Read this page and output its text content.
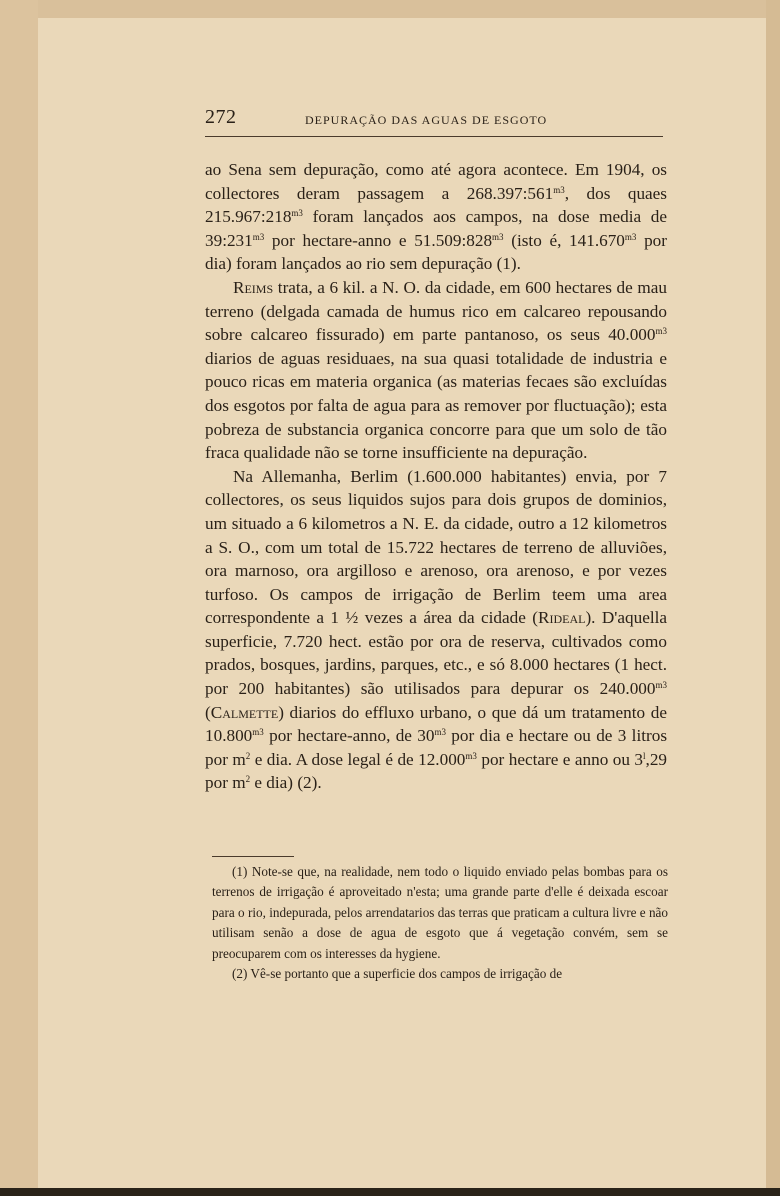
272	DEPURAÇÃO DAS AGUAS DE ESGOTO

ao Sena sem depuração, como até agora acontece. Em 1904, os collectores deram passagem a $268.397:561^{m3}$, dos quaes $215.967:218^{m3}$ foram lançados aos campos, na dose media de $39:231^{m3}$ por hectare-anno e $51.509:828^{m3}$ (isto é, $141.670^{m3}$ por dia) foram lançados ao rio sem depuração (1).

Reims trata, a 6 kil. a N. O. da cidade, em 600 hectares de mau terreno (delgada camada de humus rico em calcareo repousando sobre calcareo fissurado) em parte pantanoso, os seus $40.000^{m3}$ diarios de aguas residuaes, na sua quasi totalidade de industria e pouco ricas em materia organica (as materias fecaes são excluídas dos esgotos por falta de agua para as remover por fluctuação); esta pobreza de substancia organica concorre para que um solo de tão fraca qualidade não se torne insufficiente na depuração.

Na Allemanha, Berlim (1.600.000 habitantes) envia, por 7 collectores, os seus liquidos sujos para dois grupos de dominios, um situado a 6 kilometros a N. E. da cidade, outro a 12 kilometros a S. O., com um total de 15.722 hectares de terreno de alluviões, ora marnoso, ora argilloso e arenoso, ora arenoso, e por vezes turfoso. Os campos de irrigação de Berlim teem uma area correspondente a 1 ½ vezes a área da cidade (Rideal). D'aquella superficie, 7.720 hect. estão por ora de reserva, cultivados como prados, bosques, jardins, parques, etc., e só 8.000 hectares (1 hect. por 200 habitantes) são utilisados para depurar os $240.000^{m3}$ (Calmette) diarios do effluxo urbano, o que dá um tratamento de $10.800^{m3}$ por hectare-anno, de $30^{m3}$ por dia e hectare ou de 3 litros por $m^2$ e dia. A dose legal é de $12.000^{m3}$ por hectare e anno ou 3$^l$,29 por $m^2$ e dia) (2).

(1) Note-se que, na realidade, nem todo o liquido enviado pelas bombas para os terrenos de irrigação é aproveitado n'esta; uma grande parte d'elle é deixada escoar para o rio, indepurada, pelos arrendatarios das terras que praticam a cultura livre e não utilisam senão a dose de agua de esgoto que á vegetação convém, sem se preocuparem com os interesses da hygiene.

(2) Vê-se portanto que a superficie dos campos de irrigação de
